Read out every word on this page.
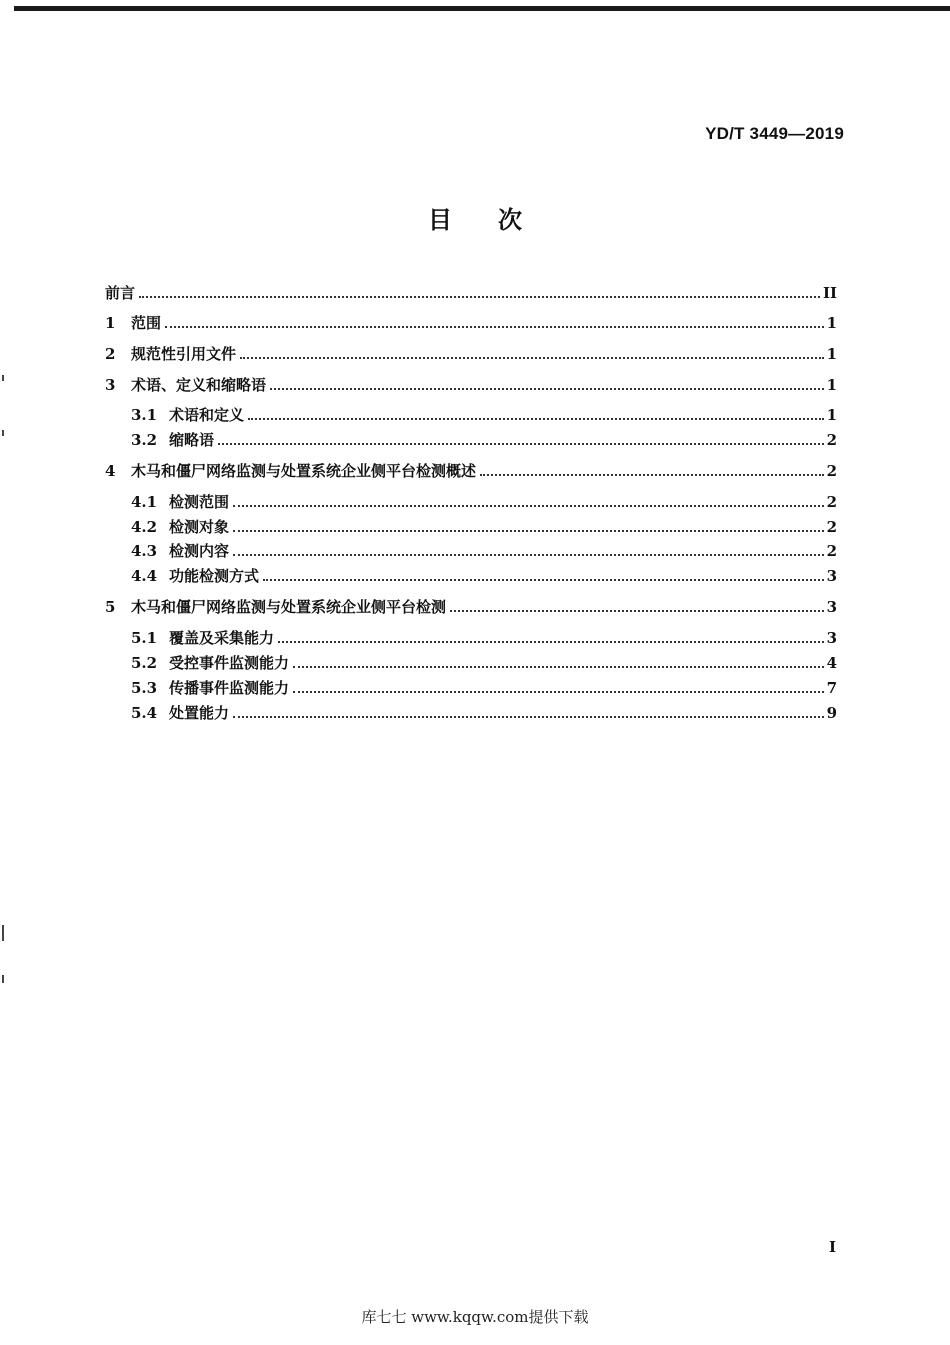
YD/T 3449—2019
目 次
前言	II
1	范围	1
2	规范性引用文件	1
3	术语、定义和缩略语	1
3.1 术语和定义	1
3.2 缩略语	2
4	木马和僵尸网络监测与处置系统企业侧平台检测概述	2
4.1 检测范围	2
4.2 检测对象	2
4.3 检测内容	2
4.4 功能检测方式	3
5	木马和僵尸网络监测与处置系统企业侧平台检测	3
5.1 覆盖及采集能力	3
5.2 受控事件监测能力	4
5.3 传播事件监测能力	7
5.4 处置能力	9
I
库七七 www.kqqw.com提供下载
